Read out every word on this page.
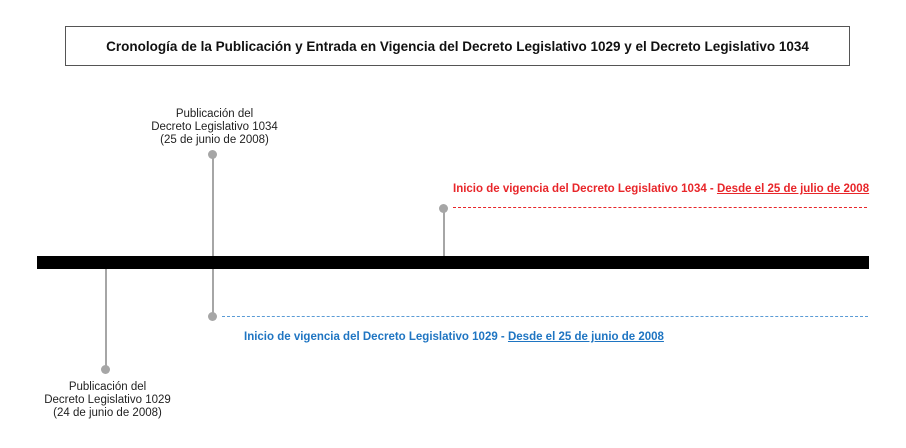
Cronología de la Publicación y Entrada en Vigencia del Decreto Legislativo 1029 y el Decreto Legislativo 1034
Publicación del
Decreto Legislativo 1034
(25 de junio de 2008)
Publicación del
Decreto Legislativo 1029
(24 de junio de 2008)
Inicio de vigencia del Decreto Legislativo 1034 - Desde el 25 de julio de 2008
Inicio de vigencia del Decreto Legislativo 1029 - Desde el 25 de junio de 2008
